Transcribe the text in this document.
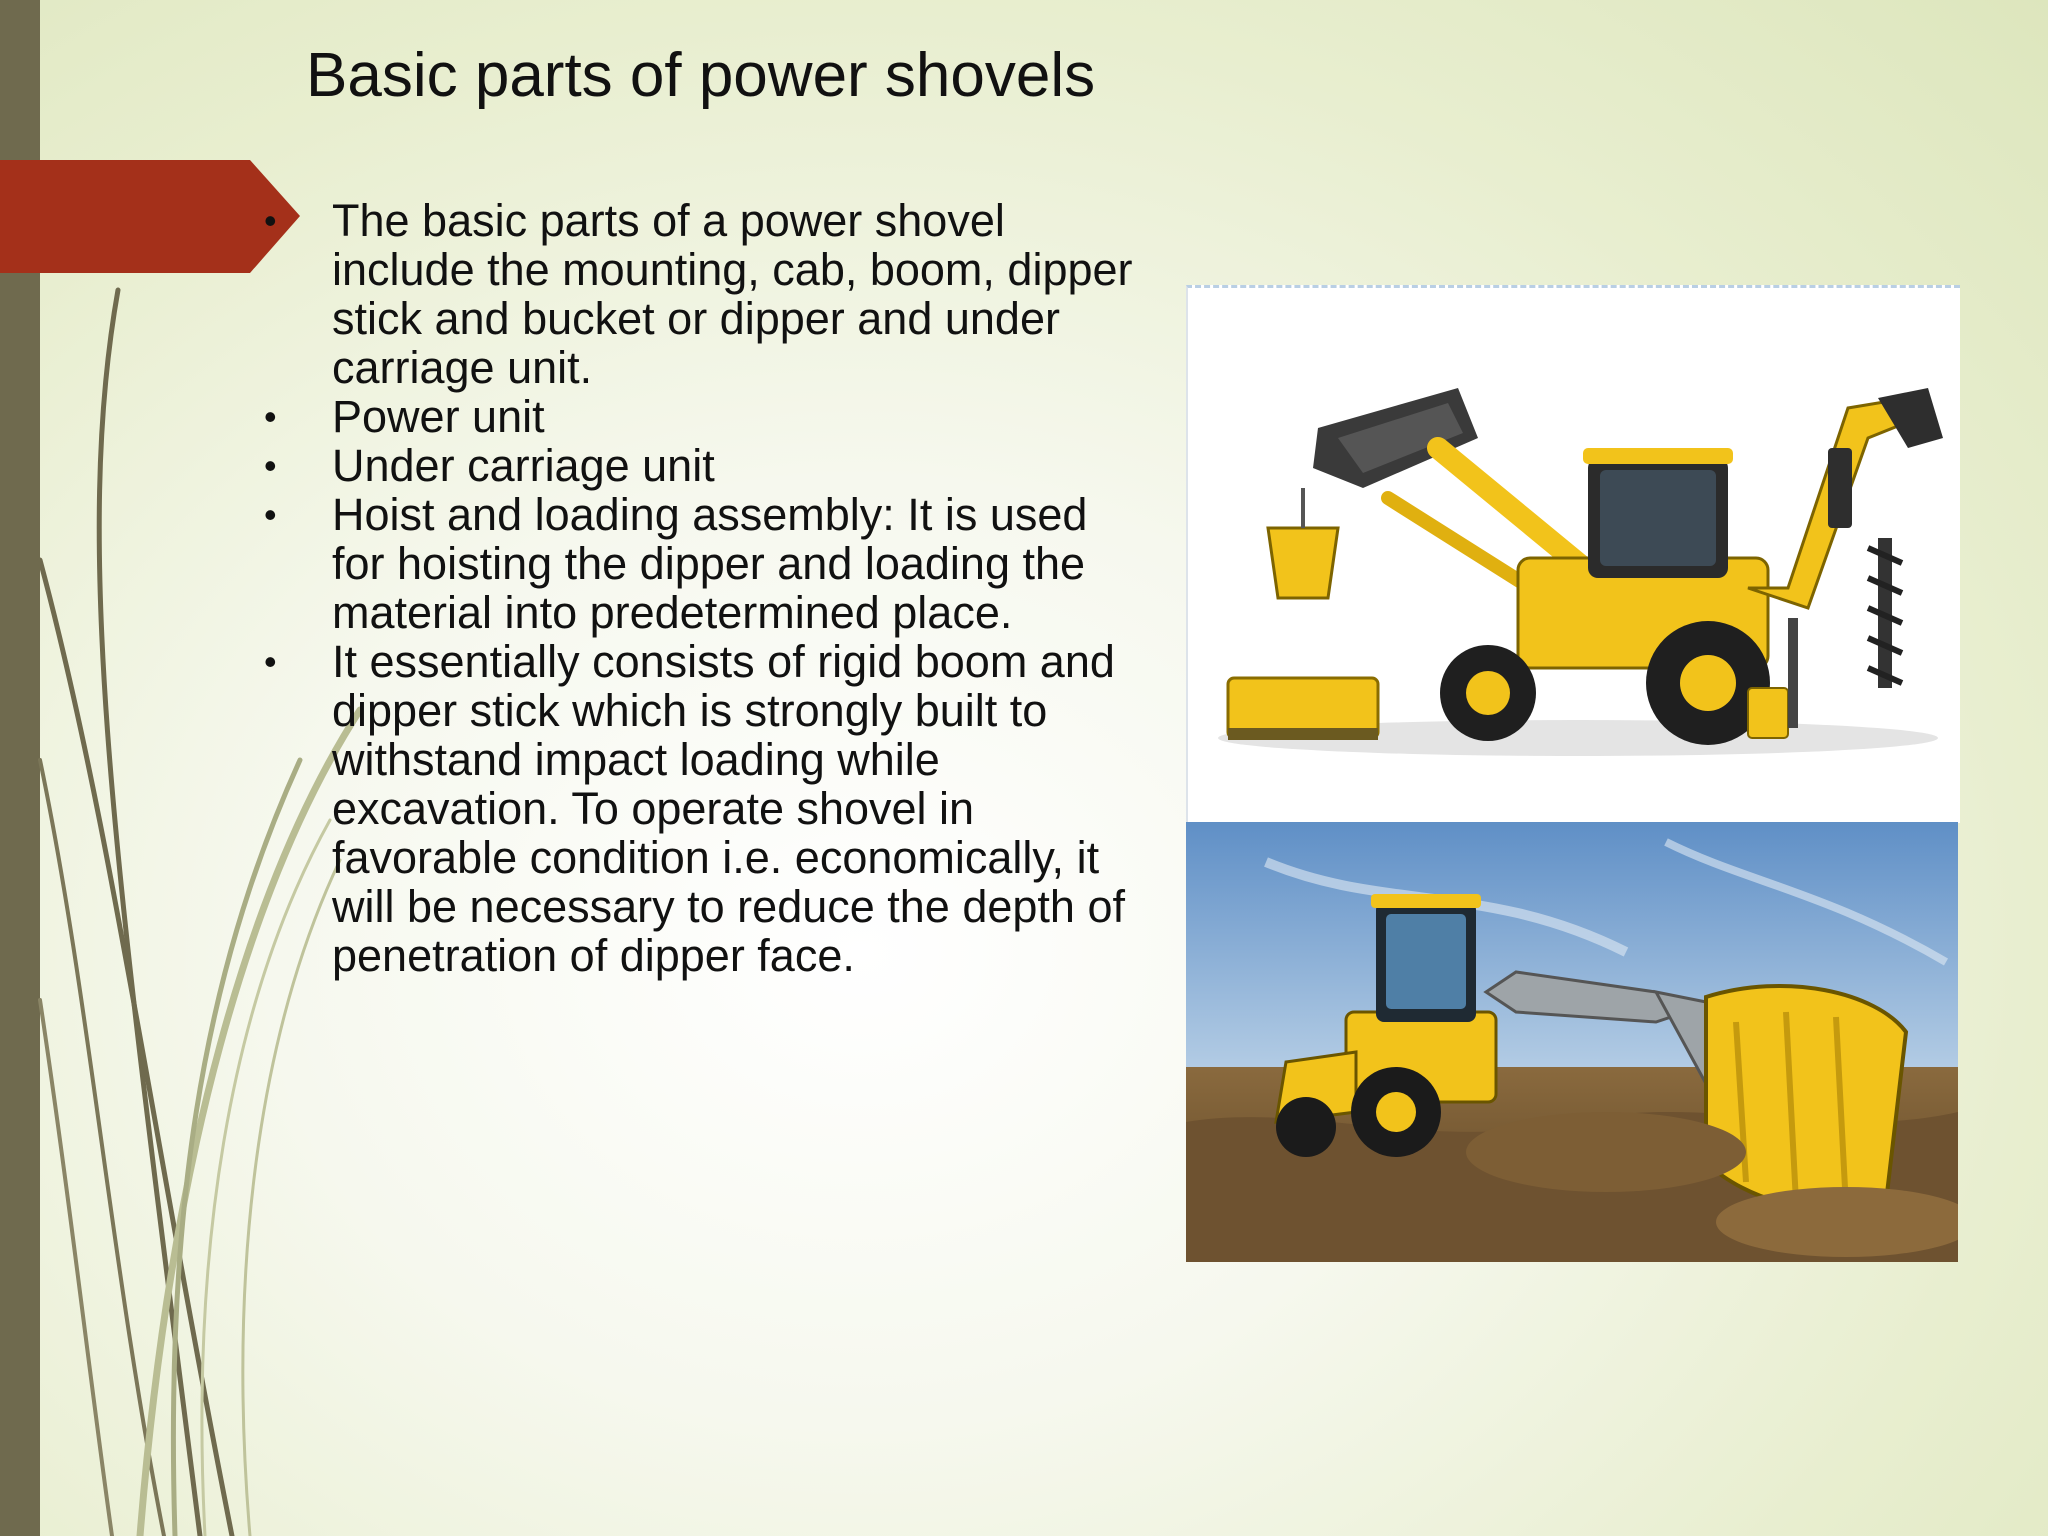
Basic parts of power shovels
• The basic parts of a power shovel include the mounting, cab, boom, dipper stick and bucket or dipper and under carriage unit.
• Power unit
• Under carriage unit
• Hoist and loading assembly: It is used for hoisting the dipper and loading the material into predetermined place.
• It essentially consists of rigid boom and dipper stick which is strongly built to withstand impact loading while excavation. To operate shovel in favorable condition i.e. economically, it will be necessary to reduce the depth of penetration of dipper face.
